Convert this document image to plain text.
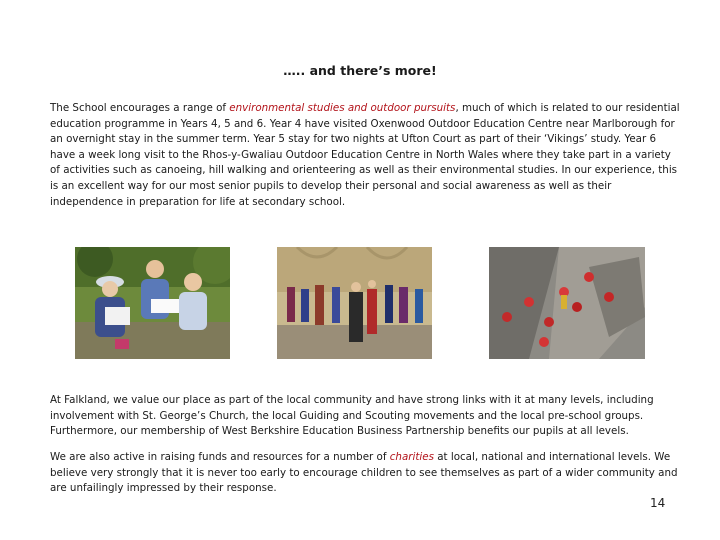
….. and there’s more!

The School encourages a range of environmental studies and outdoor pursuits, much of which is related to our residential education programme in Years 4, 5 and 6. Year 4 have visited Oxenwood Outdoor Education Centre near Marlborough for an overnight stay in the summer term. Year 5 stay for two nights at Ufton Court as part of their ‘Vikings’ study. Year 6 have a week long visit to the Rhos-y-Gwaliau Outdoor Education Centre in North Wales where they take part in a variety of activities such as canoeing, hill walking and orienteering as well as their environmental studies. In our experience, this is an excellent way for our most senior pupils to develop their personal and social awareness as well as their independence in preparation for life at secondary school.

At Falkland, we value our place as part of the local community and have strong links with it at many levels, including involvement with St. George’s Church, the local Guiding and Scouting movements and the local pre-school groups. Furthermore, our membership of West Berkshire Education Business Partnership benefits our pupils at all levels.

We are also active in raising funds and resources for a number of charities at local, national and international levels. We believe very strongly that it is never too early to encourage children to see themselves as part of a wider community and are unfailingly impressed by their response.

14
